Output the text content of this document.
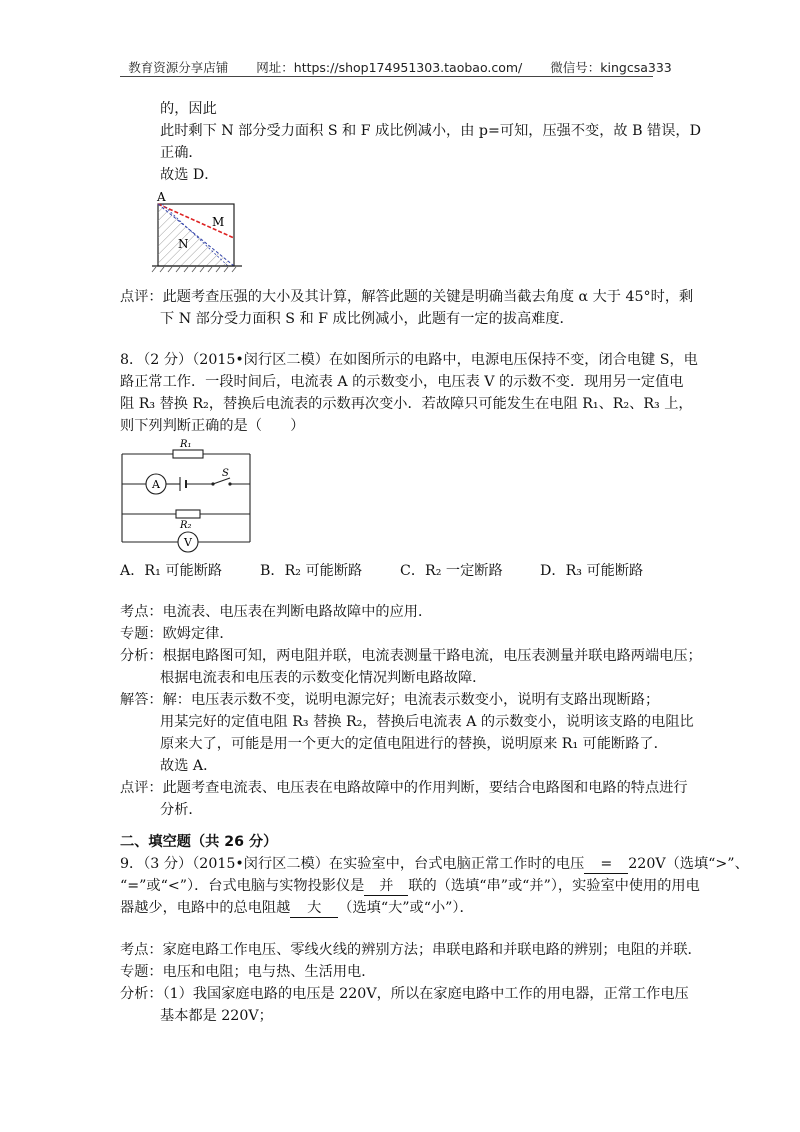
教育资源分享店铺 网址：https://shop174951303.taobao.com/ 微信号：kingcsa333
的，因此
此时剩下 N 部分受力面积 S 和 F 成比例减小，由 p=可知，压强不变，故 B 错误，D
正确．
故选 D．
A
M
N
点评：此题考查压强的大小及其计算，解答此题的关键是明确当截去角度 α 大于 45°时，剩
下 N 部分受力面积 S 和 F 成比例减小，此题有一定的拔高难度．
8．（2 分）（2015•闵行区二模）在如图所示的电路中，电源电压保持不变，闭合电键 S，电
路正常工作．一段时间后，电流表 A 的示数变小，电压表 V 的示数不变．现用另一定值电
阻 R₃ 替换 R₂，替换后电流表的示数再次变小．若故障只可能发生在电阻 R₁、R₂、R₃ 上，
则下列判断正确的是（　　）
R₁
A
S
R₂
V
A．R₁ 可能断路	B．R₂ 可能断路	C．R₂ 一定断路	D．R₃ 可能断路
考点：电流表、电压表在判断电路故障中的应用．
专题：欧姆定律．
分析：根据电路图可知，两电阻并联，电流表测量干路电流，电压表测量并联电路两端电压；
根据电流表和电压表的示数变化情况判断电路故障．
解答：解：电压表示数不变，说明电源完好；电流表示数变小，说明有支路出现断路；
用某完好的定值电阻 R₃ 替换 R₂，替换后电流表 A 的示数变小，说明该支路的电阻比
原来大了，可能是用一个更大的定值电阻进行的替换，说明原来 R₁ 可能断路了．
故选 A．
点评：此题考查电流表、电压表在电路故障中的作用判断，要结合电路图和电路的特点进行
分析．
二、填空题（共 26 分）
9．（3 分）（2015•闵行区二模）在实验室中，台式电脑正常工作时的电压 = 220V（选填“>”、
“=”或“<”）．台式电脑与实物投影仪是 并 联的（选填“串”或“并”），实验室中使用的用电
器越少，电路中的总电阻越 大 （选填“大”或“小”）．
考点：家庭电路工作电压、零线火线的辨别方法；串联电路和并联电路的辨别；电阻的并联．
专题：电压和电阻；电与热、生活用电．
分析：（1）我国家庭电路的电压是 220V，所以在家庭电路中工作的用电器，正常工作电压
基本都是 220V；
